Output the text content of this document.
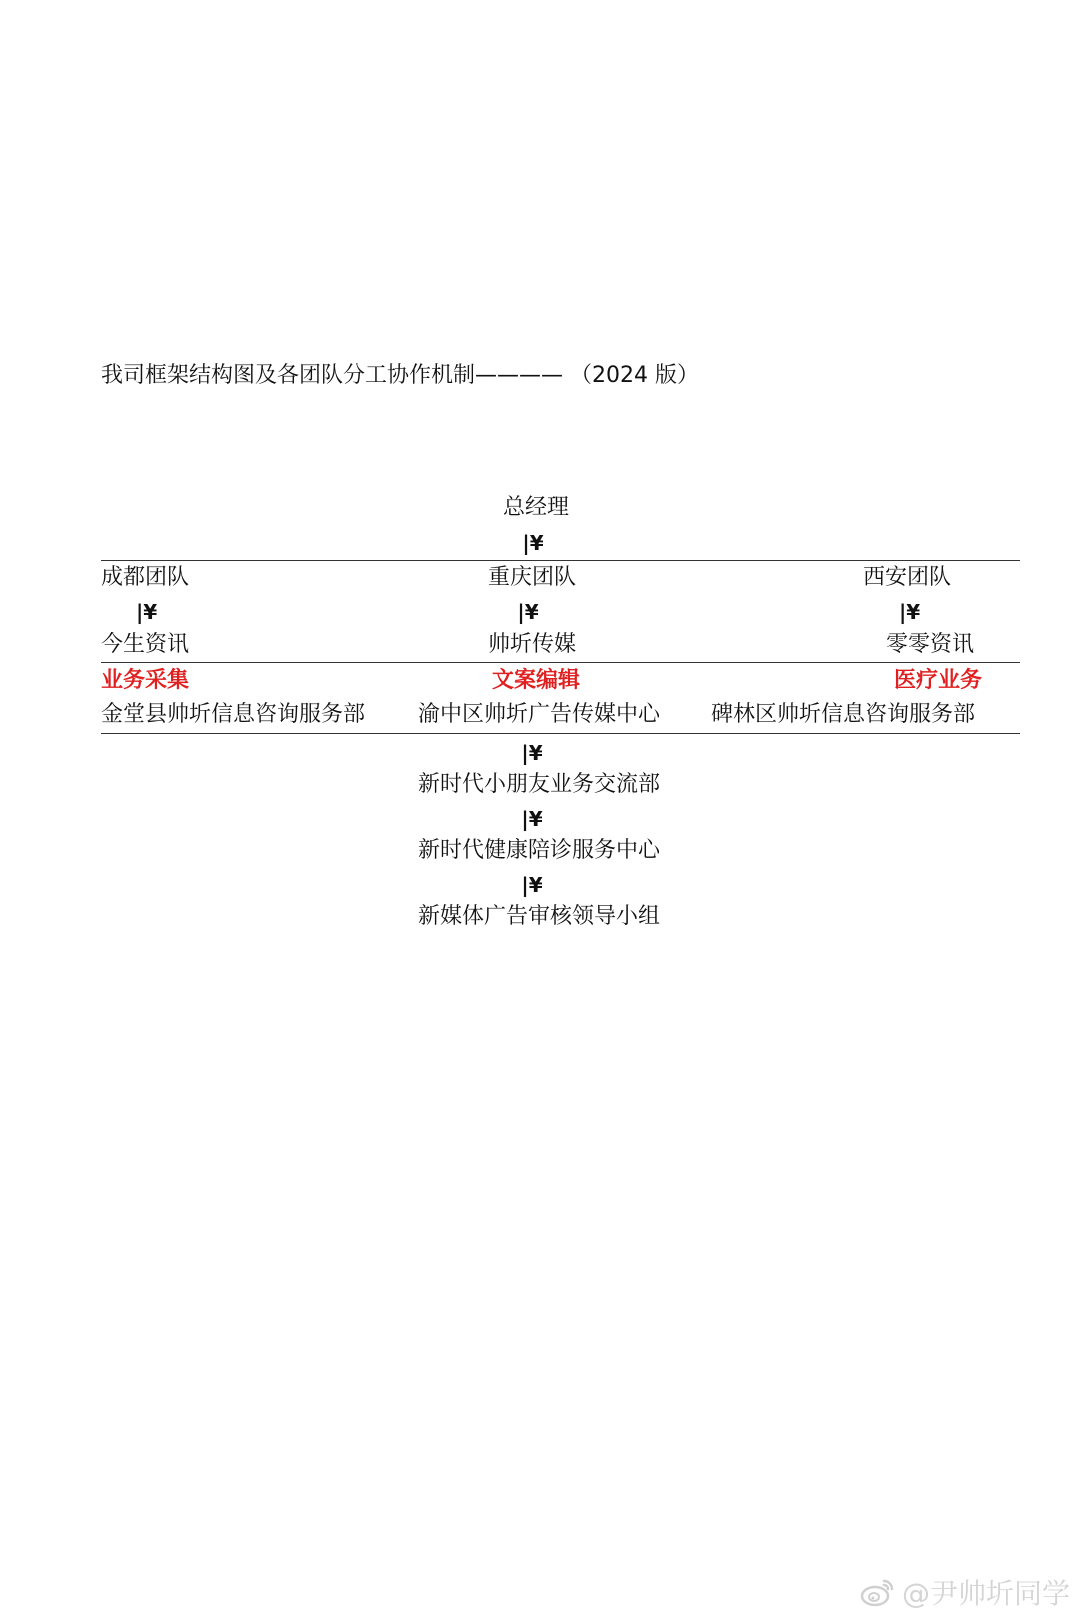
我司框架结构图及各团队分工协作机制———— （2024 版）
总经理
|¥
成都团队
|¥
今生资讯
重庆团队
|¥
帅圻传媒
西安团队
|¥
零零资讯
业务采集	文案编辑	医疗业务
金堂县帅圻信息咨询服务部 渝中区帅圻广告传媒中心 碑林区帅圻信息咨询服务部
|¥
新时代小朋友业务交流部
|¥
新时代健康陪诊服务中心
|¥
新媒体广告审核领导小组
@尹帅圻同学
